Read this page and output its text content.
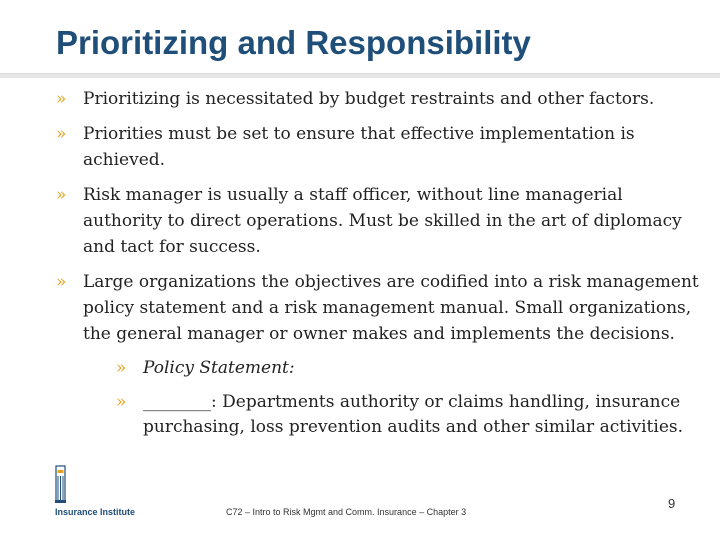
Prioritizing and Responsibility
» Prioritizing is necessitated by budget restraints and other factors.
» Priorities must be set to ensure that effective implementation is achieved.
» Risk manager is usually a staff officer, without line managerial authority to direct operations. Must be skilled in the art of diplomacy and tact for success.
» Large organizations the objectives are codified into a risk management policy statement and a risk management manual. Small organizations, the general manager or owner makes and implements the decisions.
» Policy Statement:
» ________: Departments authority or claims handling, insurance purchasing, loss prevention audits and other similar activities.
Insurance Institute	C72 – Intro to Risk Mgmt and Comm. Insurance – Chapter 3
9
